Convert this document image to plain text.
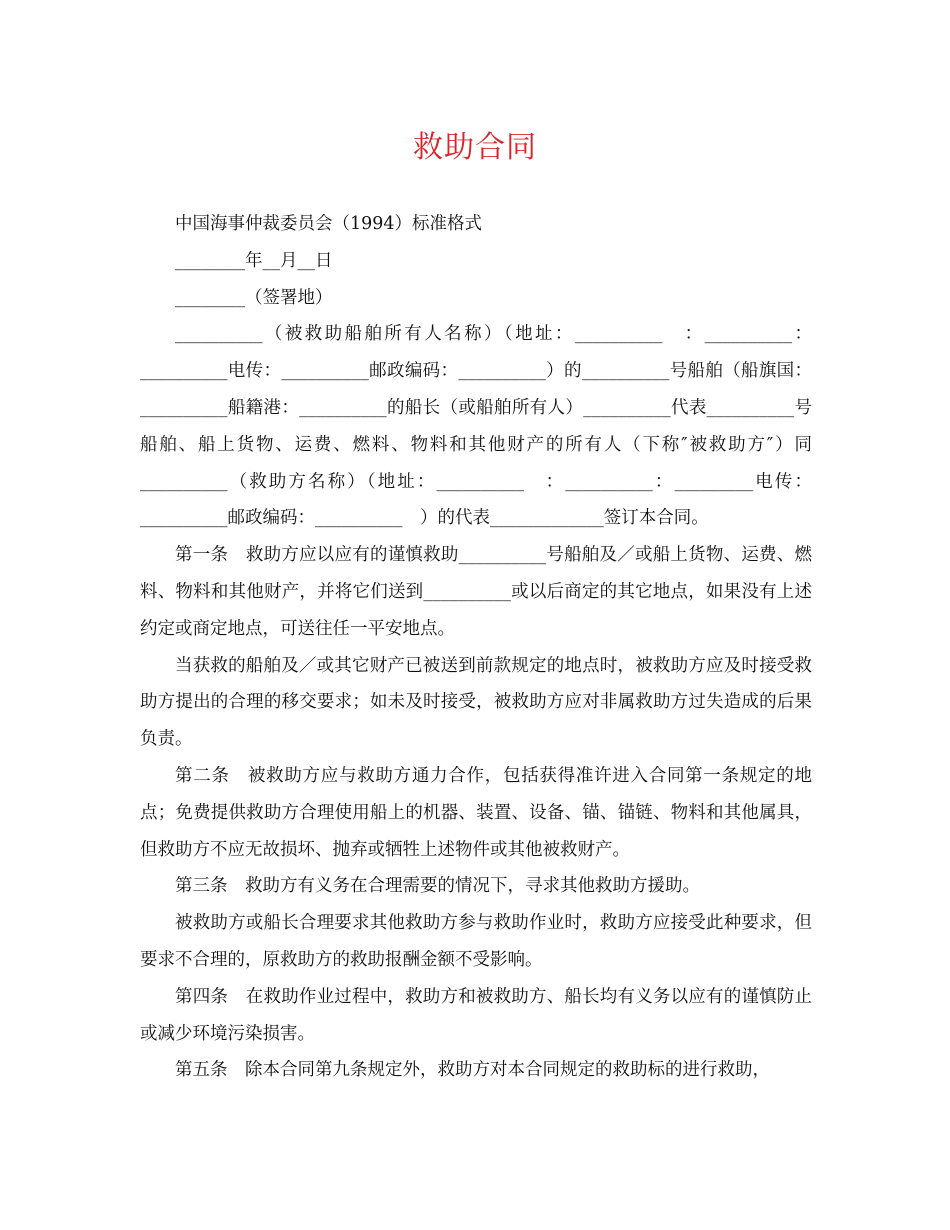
救助合同

中国海事仲裁委员会（1994）标准格式

________年__月__日

________（签署地）

__________（被救助船舶所有人名称）（地址：__________　：__________：__________电传：__________邮政编码：__________）的__________号船舶（船旗国：__________船籍港：__________的船长（或船舶所有人）__________代表__________号船舶、船上货物、运费、燃料、物料和其他财产的所有人（下称″被救助方″）同__________（救助方名称）（地址：__________　：__________：_________电传：__________邮政编码：__________　）的代表_____________签订本合同。

第一条　救助方应以应有的谨慎救助__________号船舶及／或船上货物、运费、燃料、物料和其他财产，并将它们送到__________或以后商定的其它地点，如果没有上述约定或商定地点，可送往任一平安地点。

当获救的船舶及／或其它财产已被送到前款规定的地点时，被救助方应及时接受救助方提出的合理的移交要求；如未及时接受，被救助方应对非属救助方过失造成的后果负责。

第二条　被救助方应与救助方通力合作，包括获得准许进入合同第一条规定的地点；免费提供救助方合理使用船上的机器、装置、设备、锚、锚链、物料和其他属具，但救助方不应无故损坏、抛弃或牺牲上述物件或其他被救财产。

第三条　救助方有义务在合理需要的情况下，寻求其他救助方援助。

被救助方或船长合理要求其他救助方参与救助作业时，救助方应接受此种要求，但要求不合理的，原救助方的救助报酬金额不受影响。

第四条　在救助作业过程中，救助方和被救助方、船长均有义务以应有的谨慎防止或减少环境污染损害。

第五条　除本合同第九条规定外，救助方对本合同规定的救助标的进行救助，
